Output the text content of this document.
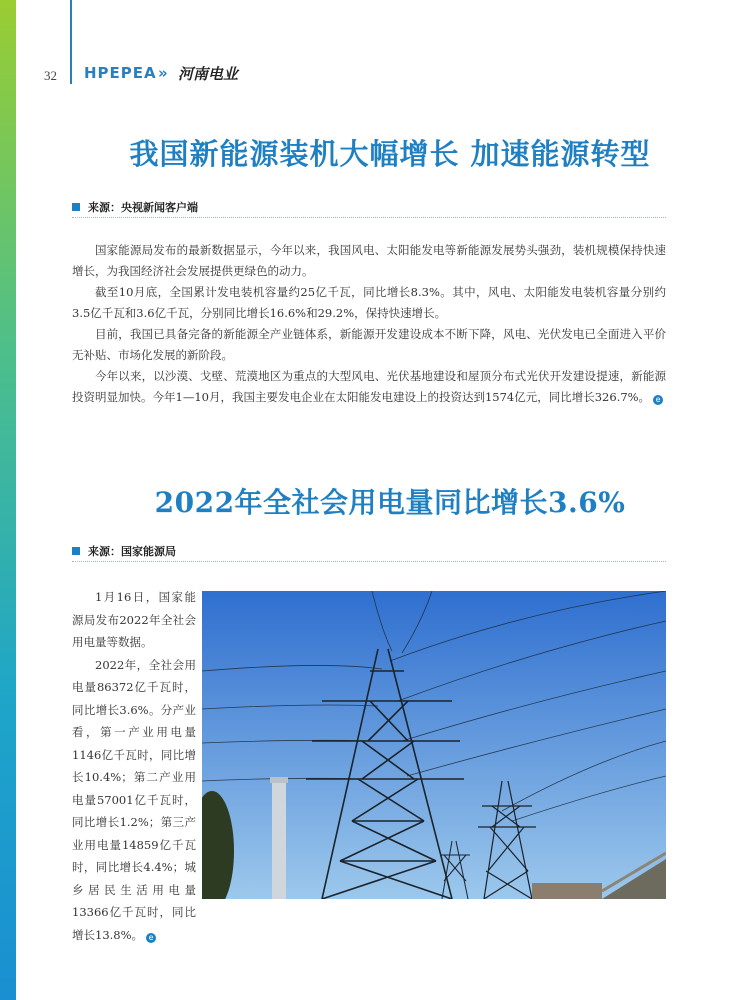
32 HPEPEA » 河南电业
我国新能源装机大幅增长 加速能源转型
来源：央视新闻客户端

国家能源局发布的最新数据显示，今年以来，我国风电、太阳能发电等新能源发展势头强劲，装机规模保持快速增长，为我国经济社会发展提供更绿色的动力。

截至10月底，全国累计发电装机容量约25亿千瓦，同比增长8.3%。其中，风电、太阳能发电装机容量分别约3.5亿千瓦和3.6亿千瓦，分别同比增长16.6%和29.2%，保持快速增长。

目前，我国已具备完备的新能源全产业链体系，新能源开发建设成本不断下降，风电、光伏发电已全面进入平价无补贴、市场化发展的新阶段。

今年以来，以沙漠、戈壁、荒漠地区为重点的大型风电、光伏基地建设和屋顶分布式光伏开发建设提速，新能源投资明显加快。今年1—10月，我国主要发电企业在太阳能发电建设上的投资达到1574亿元，同比增长326.7%。 e

2022年全社会用电量同比增长3.6%
来源：国家能源局

1月16日，国家能源局发布2022年全社会用电量等数据。

2022年，全社会用电量86372亿千瓦时，同比增长3.6%。分产业看，第一产业用电量1146亿千瓦时，同比增长10.4%；第二产业用电量57001亿千瓦时，同比增长1.2%；第三产业用电量14859亿千瓦时，同比增长4.4%；城乡居民生活用电量13366亿千瓦时，同比增长13.8%。 e
